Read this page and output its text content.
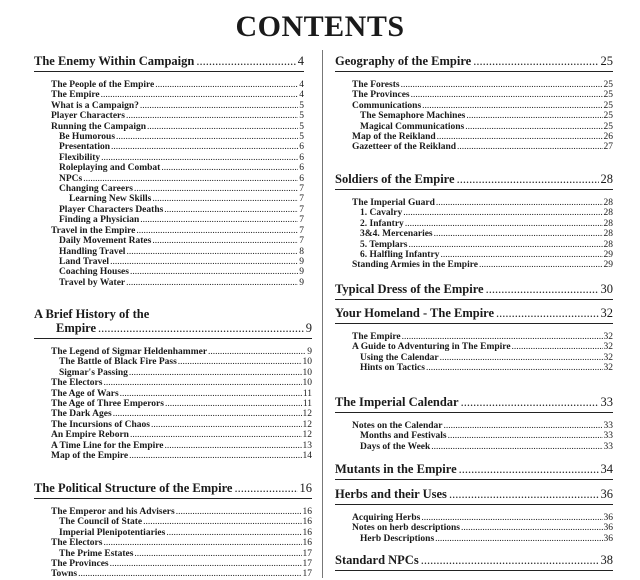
CONTENTS
The Enemy Within Campaign .....	4
The People of the Empire .....	4
The Empire .....	4
What is a Campaign? .....	5
Player Characters .....	5
Running the Campaign .....	5
Be Humorous .....	5
Presentation .....	6
Flexibility .....	6
Roleplaying and Combat .....	6
NPCs .....	6
Changing Careers .....	7
Learning New Skills .....	7
Player Characters Deaths .....	7
Finding a Physician .....	7
Travel in the Empire .....	7
Daily Movement Rates .....	7
Handling Travel .....	8
Land Travel .....	9
Coaching Houses .....	9
Travel by Water .....	9
A Brief History of the
Empire .....	9
The Legend of Sigmar Heldenhammer .....	9
The Battle of Black Fire Pass .....	10
Sigmar's Passing .....	10
The Electors .....	10
The Age of Wars .....	11
The Age of Three Emperors .....	11
The Dark Ages .....	12
The Incursions of Chaos .....	12
An Empire Reborn .....	12
A Time Line for the Empire .....	13
Map of the Empire .....	14
The Political Structure of the Empire .....	16
The Emperor and his Advisers .....	16
The Council of State .....	16
Imperial Plenipotentiaries .....	16
The Electors .....	16
The Prime Estates .....	17
The Provinces .....	17
Towns .....	17
Geography of the Empire .....	25
The Forests .....	25
The Provinces .....	25
Communications .....	25
The Semaphore Machines .....	25
Magical Communications .....	25
Map of the Reikland .....	26
Gazetteer of the Reikland .....	27
Soldiers of the Empire .....	28
The Imperial Guard .....	28
1. Cavalry .....	28
2. Infantry .....	28
3&4. Mercenaries .....	28
5. Templars .....	28
6. Halfling Infantry .....	29
Standing Armies in the Empire .....	29
Typical Dress of the Empire .....	30
Your Homeland - The Empire .....	32
The Empire .....	32
A Guide to Adventuring in The Empire .....	32
Using the Calendar .....	32
Hints on Tactics .....	32
The Imperial Calendar .....	33
Notes on the Calendar .....	33
Months and Festivals .....	33
Days of the Week .....	33
Mutants in the Empire .....	34
Herbs and their Uses .....	36
Acquiring Herbs .....	36
Notes on herb descriptions .....	36
Herb Descriptions .....	36
Standard NPCs .....	38
